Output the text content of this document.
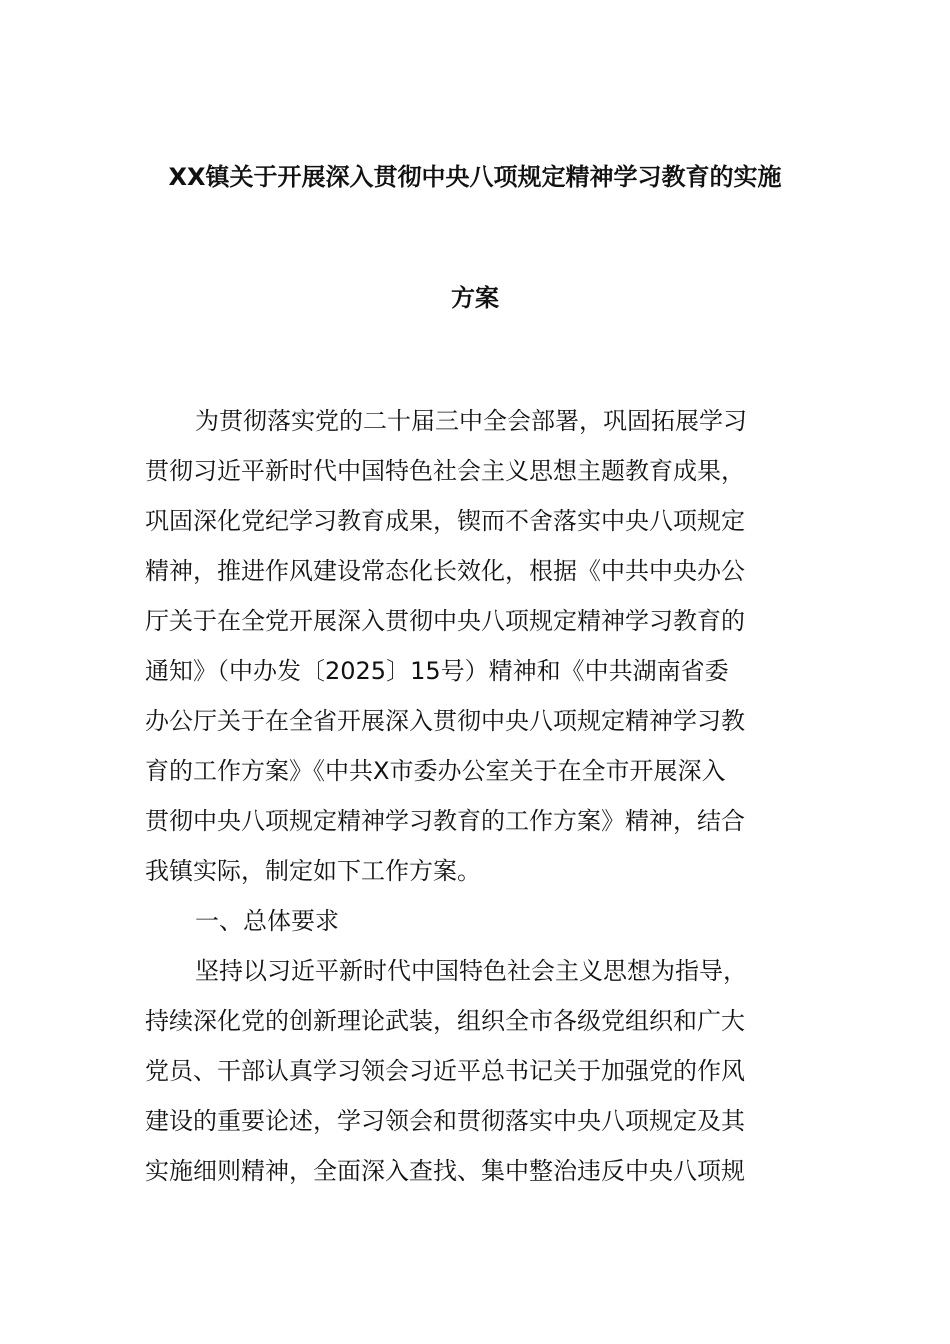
XX镇关于开展深入贯彻中央八项规定精神学习教育的实施
方案
为贯彻落实党的二十届三中全会部署，巩固拓展学习
贯彻习近平新时代中国特色社会主义思想主题教育成果，
巩固深化党纪学习教育成果，锲而不舍落实中央八项规定
精神，推进作风建设常态化长效化，根据《中共中央办公
厅关于在全党开展深入贯彻中央八项规定精神学习教育的
通知》（中办发〔2025〕15号）精神和《中共湖南省委
办公厅关于在全省开展深入贯彻中央八项规定精神学习教
育的工作方案》《中共X市委办公室关于在全市开展深入
贯彻中央八项规定精神学习教育的工作方案》精神，结合
我镇实际，制定如下工作方案。
一、总体要求
坚持以习近平新时代中国特色社会主义思想为指导，
持续深化党的创新理论武装，组织全市各级党组织和广大
党员、干部认真学习领会习近平总书记关于加强党的作风
建设的重要论述，学习领会和贯彻落实中央八项规定及其
实施细则精神，全面深入查找、集中整治违反中央八项规
